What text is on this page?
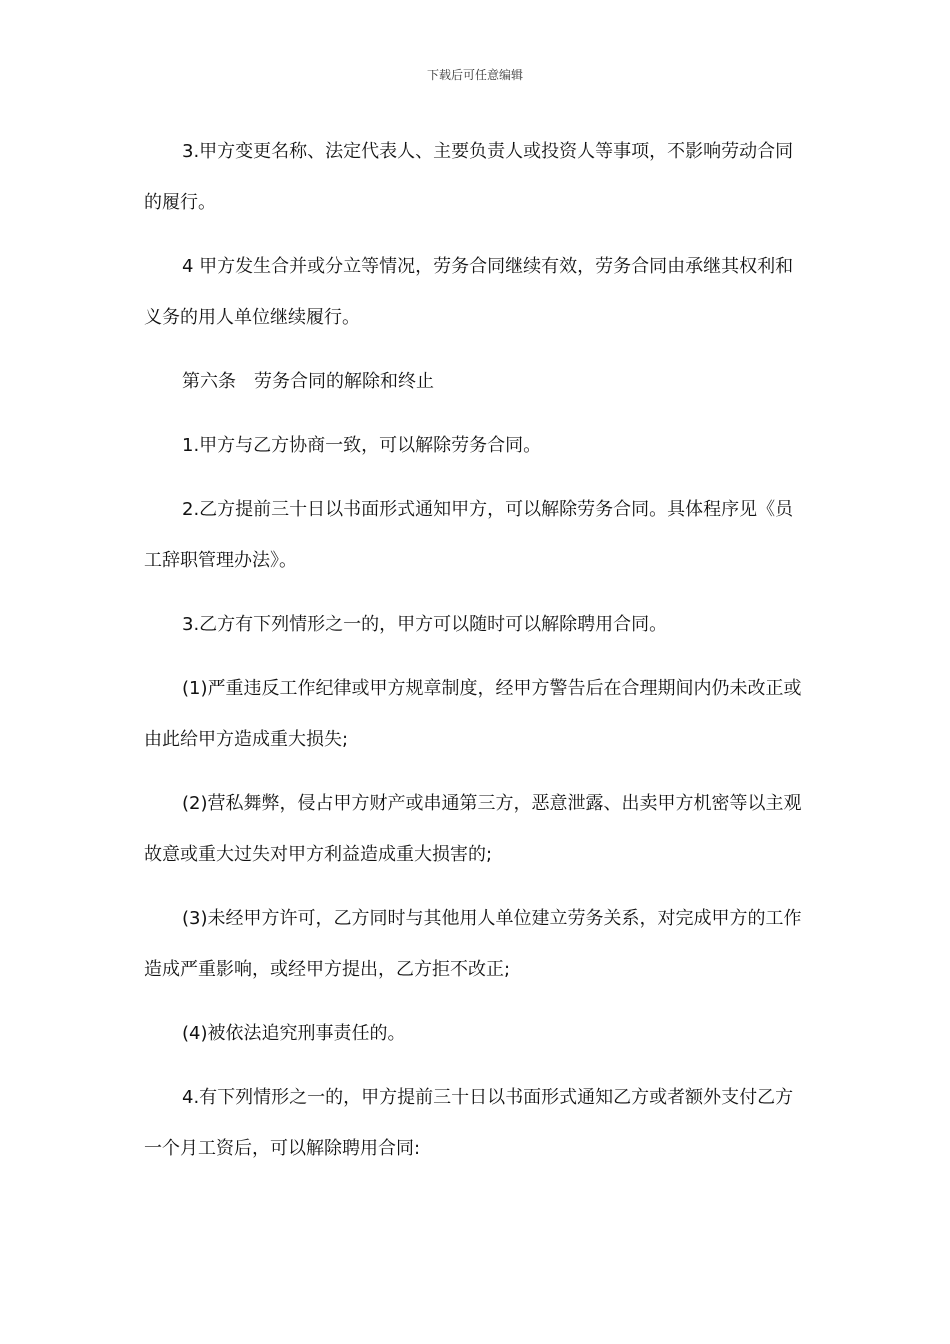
下载后可任意编辑

3.甲方变更名称、法定代表人、主要负责人或投资人等事项，不影响劳动合同的履行。

4 甲方发生合并或分立等情况，劳务合同继续有效，劳务合同由承继其权利和义务的用人单位继续履行。

第六条　劳务合同的解除和终止

1.甲方与乙方协商一致，可以解除劳务合同。

2.乙方提前三十日以书面形式通知甲方，可以解除劳务合同。具体程序见《员工辞职管理办法》。

3.乙方有下列情形之一的，甲方可以随时可以解除聘用合同。

(1)严重违反工作纪律或甲方规章制度，经甲方警告后在合理期间内仍未改正或由此给甲方造成重大损失;

(2)营私舞弊，侵占甲方财产或串通第三方，恶意泄露、出卖甲方机密等以主观故意或重大过失对甲方利益造成重大损害的;

(3)未经甲方许可，乙方同时与其他用人单位建立劳务关系，对完成甲方的工作造成严重影响，或经甲方提出，乙方拒不改正;

(4)被依法追究刑事责任的。

4.有下列情形之一的，甲方提前三十日以书面形式通知乙方或者额外支付乙方一个月工资后，可以解除聘用合同:
